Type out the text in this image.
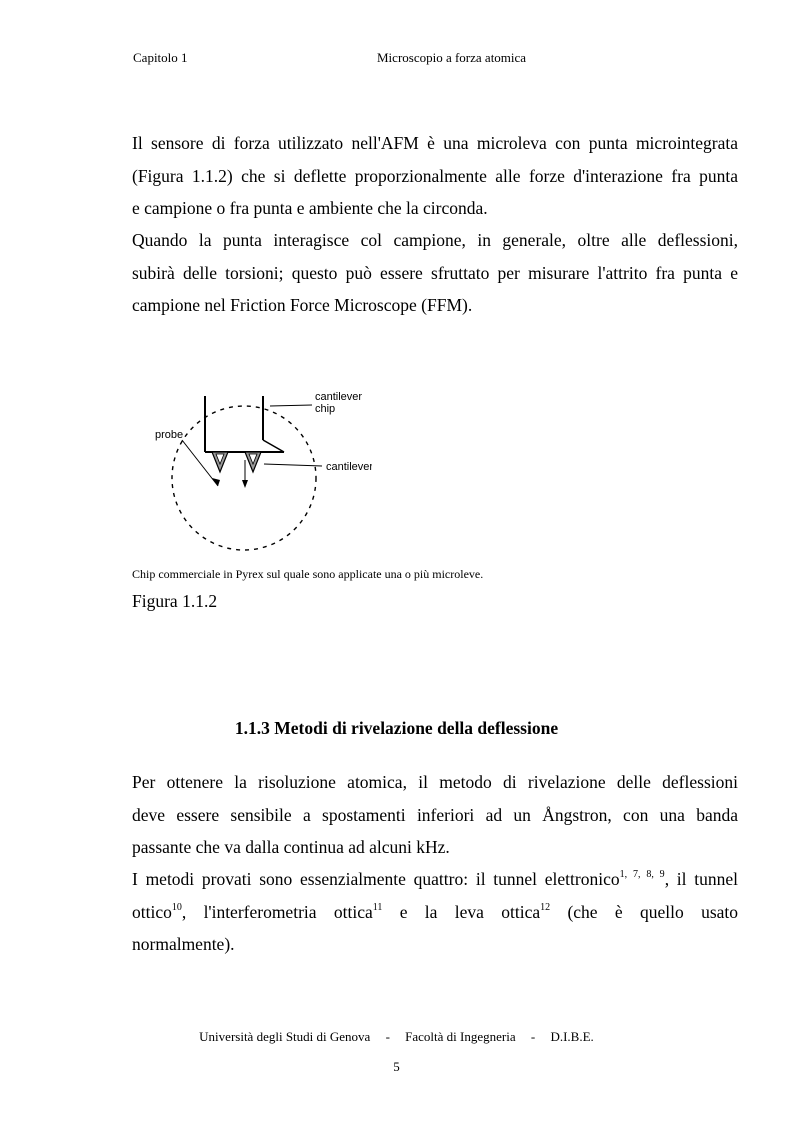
Capitolo 1	Microscopio a forza atomica
Il sensore di forza utilizzato nell'AFM è una microleva con punta microintegrata
(Figura 1.1.2) che si deflette proporzionalmente alle forze d'interazione fra punta
e campione o fra punta e ambiente che la circonda.
Quando la punta interagisce col campione, in generale, oltre alle deflessioni,
subirà delle torsioni; questo può essere sfruttato per misurare l'attrito fra punta e
campione nel Friction Force Microscope (FFM).
cantilever
chip
probe
cantilever
Chip commerciale in Pyrex sul quale sono applicate una o più microleve.
Figura 1.1.2
1.1.3 Metodi di rivelazione della deflessione
Per ottenere la risoluzione atomica, il metodo di rivelazione delle deflessioni
deve essere sensibile a spostamenti inferiori ad un Ångstron, con una banda
passante che va dalla continua ad alcuni kHz.
I metodi provati sono essenzialmente quattro: il tunnel elettronico$^{1, 7, 8, 9}$, il tunnel
ottico$^{10}$, l'interferometria ottica$^{11}$ e la leva ottica$^{12}$ (che è quello usato
normalmente).
Università degli Studi di Genova - Facoltà di Ingegneria - D.I.B.E.
5
